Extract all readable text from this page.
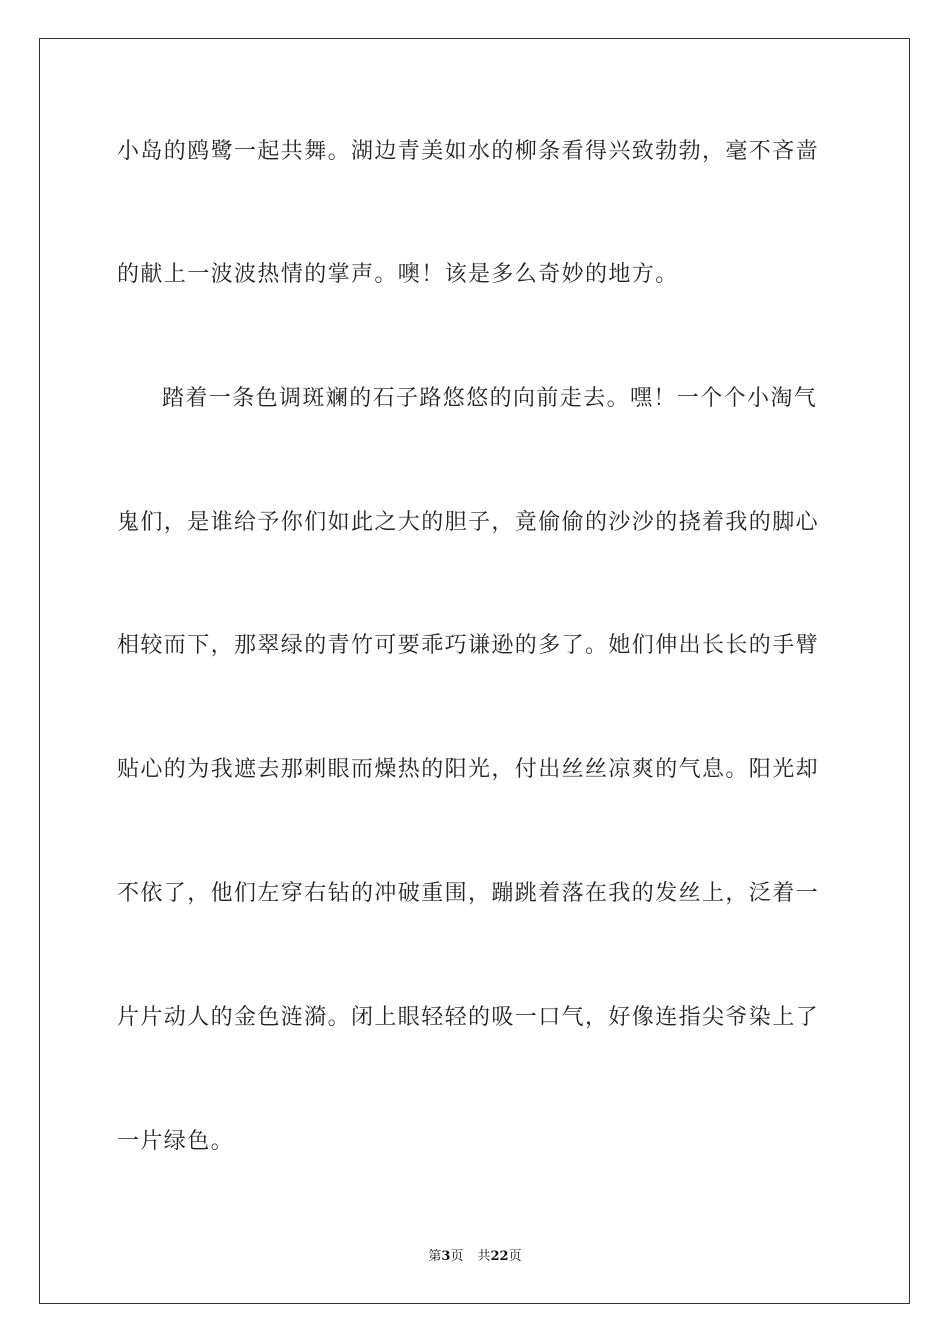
小岛的鸥鹭一起共舞。湖边青美如水的柳条看得兴致勃勃，毫不吝啬
的献上一波波热情的掌声。噢！该是多么奇妙的地方。
踏着一条色调斑斓的石子路悠悠的向前走去。嘿！一个个小淘气
鬼们，是谁给予你们如此之大的胆子，竟偷偷的沙沙的挠着我的脚心
相较而下，那翠绿的青竹可要乖巧谦逊的多了。她们伸出长长的手臂
贴心的为我遮去那刺眼而燥热的阳光，付出丝丝凉爽的气息。阳光却
不依了，他们左穿右钻的冲破重围，蹦跳着落在我的发丝上，泛着一
片片动人的金色涟漪。闭上眼轻轻的吸一口气，好像连指尖爷染上了
一片绿色。
第3页 共22页
